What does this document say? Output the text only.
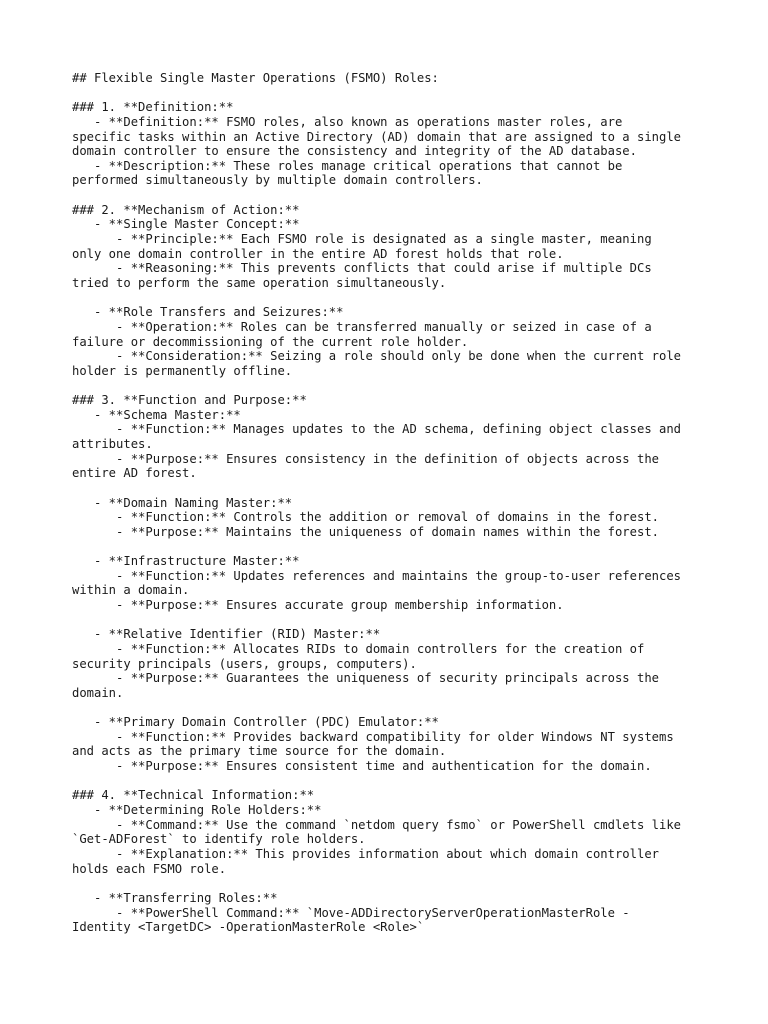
## Flexible Single Master Operations (FSMO) Roles:
### 1. **Definition:**
- **Definition:** FSMO roles, also known as operations master roles, are
specific tasks within an Active Directory (AD) domain that are assigned to a single
domain controller to ensure the consistency and integrity of the AD database.
- **Description:** These roles manage critical operations that cannot be
performed simultaneously by multiple domain controllers.
### 2. **Mechanism of Action:**
- **Single Master Concept:**
- **Principle:** Each FSMO role is designated as a single master, meaning
only one domain controller in the entire AD forest holds that role.
- **Reasoning:** This prevents conflicts that could arise if multiple DCs
tried to perform the same operation simultaneously.
- **Role Transfers and Seizures:**
- **Operation:** Roles can be transferred manually or seized in case of a
failure or decommissioning of the current role holder.
- **Consideration:** Seizing a role should only be done when the current role
holder is permanently offline.
### 3. **Function and Purpose:**
- **Schema Master:**
- **Function:** Manages updates to the AD schema, defining object classes and
attributes.
- **Purpose:** Ensures consistency in the definition of objects across the
entire AD forest.
- **Domain Naming Master:**
- **Function:** Controls the addition or removal of domains in the forest.
- **Purpose:** Maintains the uniqueness of domain names within the forest.
- **Infrastructure Master:**
- **Function:** Updates references and maintains the group-to-user references
within a domain.
- **Purpose:** Ensures accurate group membership information.
- **Relative Identifier (RID) Master:**
- **Function:** Allocates RIDs to domain controllers for the creation of
security principals (users, groups, computers).
- **Purpose:** Guarantees the uniqueness of security principals across the
domain.
- **Primary Domain Controller (PDC) Emulator:**
- **Function:** Provides backward compatibility for older Windows NT systems
and acts as the primary time source for the domain.
- **Purpose:** Ensures consistent time and authentication for the domain.
### 4. **Technical Information:**
- **Determining Role Holders:**
- **Command:** Use the command `netdom query fsmo` or PowerShell cmdlets like
`Get-ADForest` to identify role holders.
- **Explanation:** This provides information about which domain controller
holds each FSMO role.
- **Transferring Roles:**
- **PowerShell Command:** `Move-ADDirectoryServerOperationMasterRole -
Identity <TargetDC> -OperationMasterRole <Role>`
